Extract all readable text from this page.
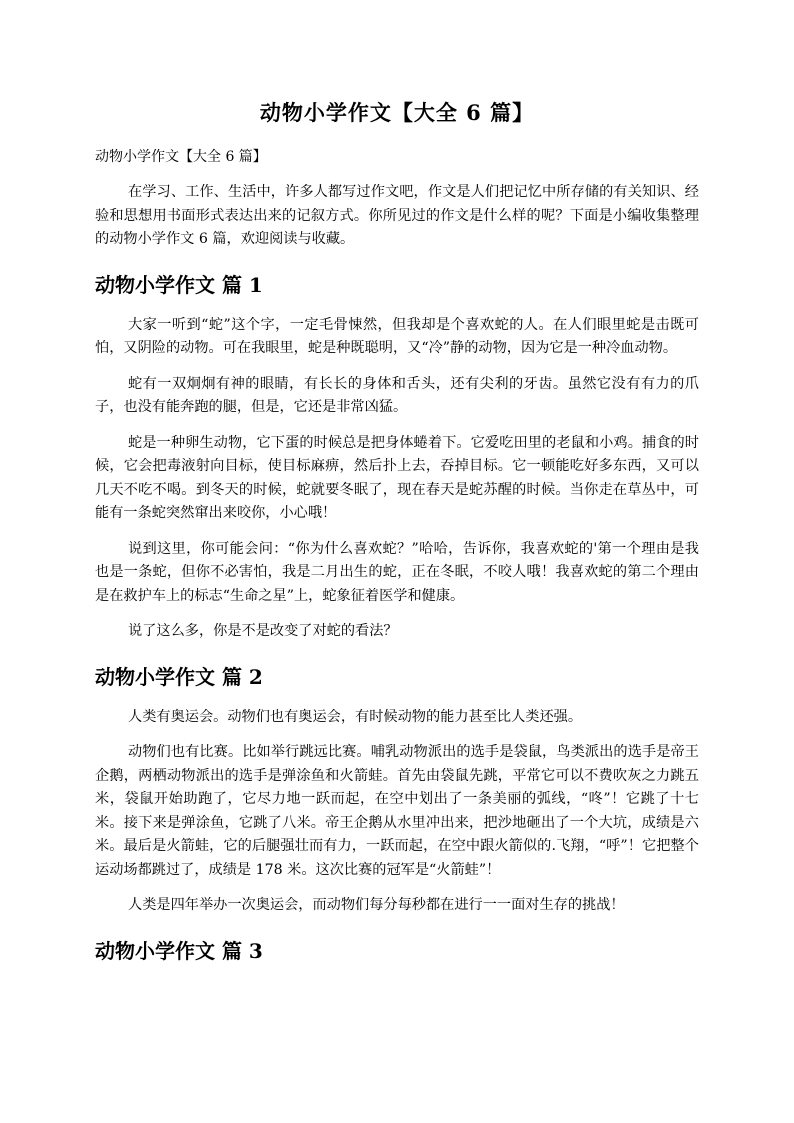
动物小学作文【大全 6 篇】

动物小学作文【大全 6 篇】

在学习、工作、生活中，许多人都写过作文吧，作文是人们把记忆中所存储的有关知识、经验和思想用书面形式表达出来的记叙方式。你所见过的作文是什么样的呢？下面是小编收集整理的动物小学作文 6 篇，欢迎阅读与收藏。

动物小学作文 篇 1

大家一听到“蛇”这个字，一定毛骨悚然，但我却是个喜欢蛇的人。在人们眼里蛇是击既可怕，又阴险的动物。可在我眼里，蛇是种既聪明，又“冷”静的动物，因为它是一种冷血动物。

蛇有一双炯炯有神的眼睛，有长长的身体和舌头，还有尖利的牙齿。虽然它没有有力的爪子，也没有能奔跑的腿，但是，它还是非常凶猛。

蛇是一种卵生动物，它下蛋的时候总是把身体蜷着下。它爱吃田里的老鼠和小鸡。捕食的时候，它会把毒液射向目标，使目标麻痹，然后扑上去，吞掉目标。它一顿能吃好多东西，又可以几天不吃不喝。到冬天的时候，蛇就要冬眠了，现在春天是蛇苏醒的时候。当你走在草丛中，可能有一条蛇突然窜出来咬你，小心哦！

说到这里，你可能会问：“你为什么喜欢蛇？”哈哈，告诉你，我喜欢蛇的'第一个理由是我也是一条蛇，但你不必害怕，我是二月出生的蛇，正在冬眠，不咬人哦！我喜欢蛇的第二个理由是在救护车上的标志“生命之星”上，蛇象征着医学和健康。

说了这么多，你是不是改变了对蛇的看法？

动物小学作文 篇 2

人类有奥运会。动物们也有奥运会，有时候动物的能力甚至比人类还强。

动物们也有比赛。比如举行跳远比赛。哺乳动物派出的选手是袋鼠，鸟类派出的选手是帝王企鹅，两栖动物派出的选手是弹涂鱼和火箭蛙。首先由袋鼠先跳，平常它可以不费吹灰之力跳五米，袋鼠开始助跑了，它尽力地一跃而起，在空中划出了一条美丽的弧线，“咚”！它跳了十七米。接下来是弹涂鱼，它跳了八米。帝王企鹅从水里冲出来，把沙地砸出了一个大坑，成绩是六米。最后是火箭蛙，它的后腿强壮而有力，一跃而起，在空中跟火箭似的.飞翔，“呼”！它把整个运动场都跳过了，成绩是 178 米。这次比赛的冠军是“火箭蛙”！

人类是四年举办一次奥运会，而动物们每分每秒都在进行一一面对生存的挑战！

动物小学作文 篇 3
